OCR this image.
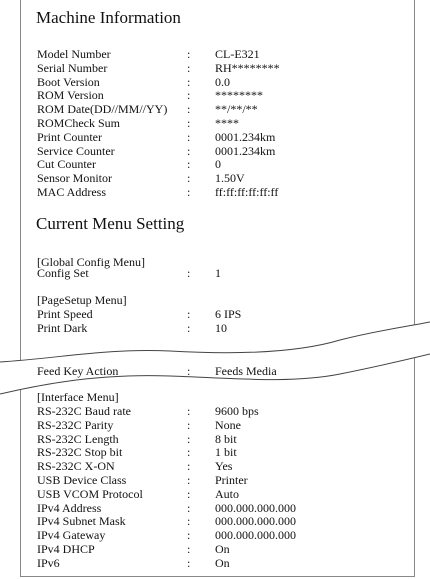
Machine Information
Model Number	: CL-E321
Serial Number	: RH********
Boot Version	: 0.0
ROM Version	: ********
ROM Date(DD//MM//YY) : **/**/**
ROMCheck Sum	: ****
Print Counter	: 0001.234km
Service Counter	: 0001.234km
Cut Counter	: 0
Sensor Monitor	: 1.50V
MAC Address	: ff:ff:ff:ff:ff:ff
Current Menu Setting
[Global Config Menu]
Config Set	: 1
[PageSetup Menu]
Print Speed	: 6 IPS
Print Dark	: 10
Feed Key Action	: Feeds Media
[Interface Menu]
RS-232C Baud rate	: 9600 bps
RS-232C Parity	: None
RS-232C Length	: 8 bit
RS-232C Stop bit	: 1 bit
RS-232C X-ON	: Yes
USB Device Class	: Printer
USB VCOM Protocol	: Auto
IPv4 Address	: 000.000.000.000
IPv4 Subnet Mask	: 000.000.000.000
IPv4 Gateway	: 000.000.000.000
IPv4 DHCP	: On
IPv6	: On
